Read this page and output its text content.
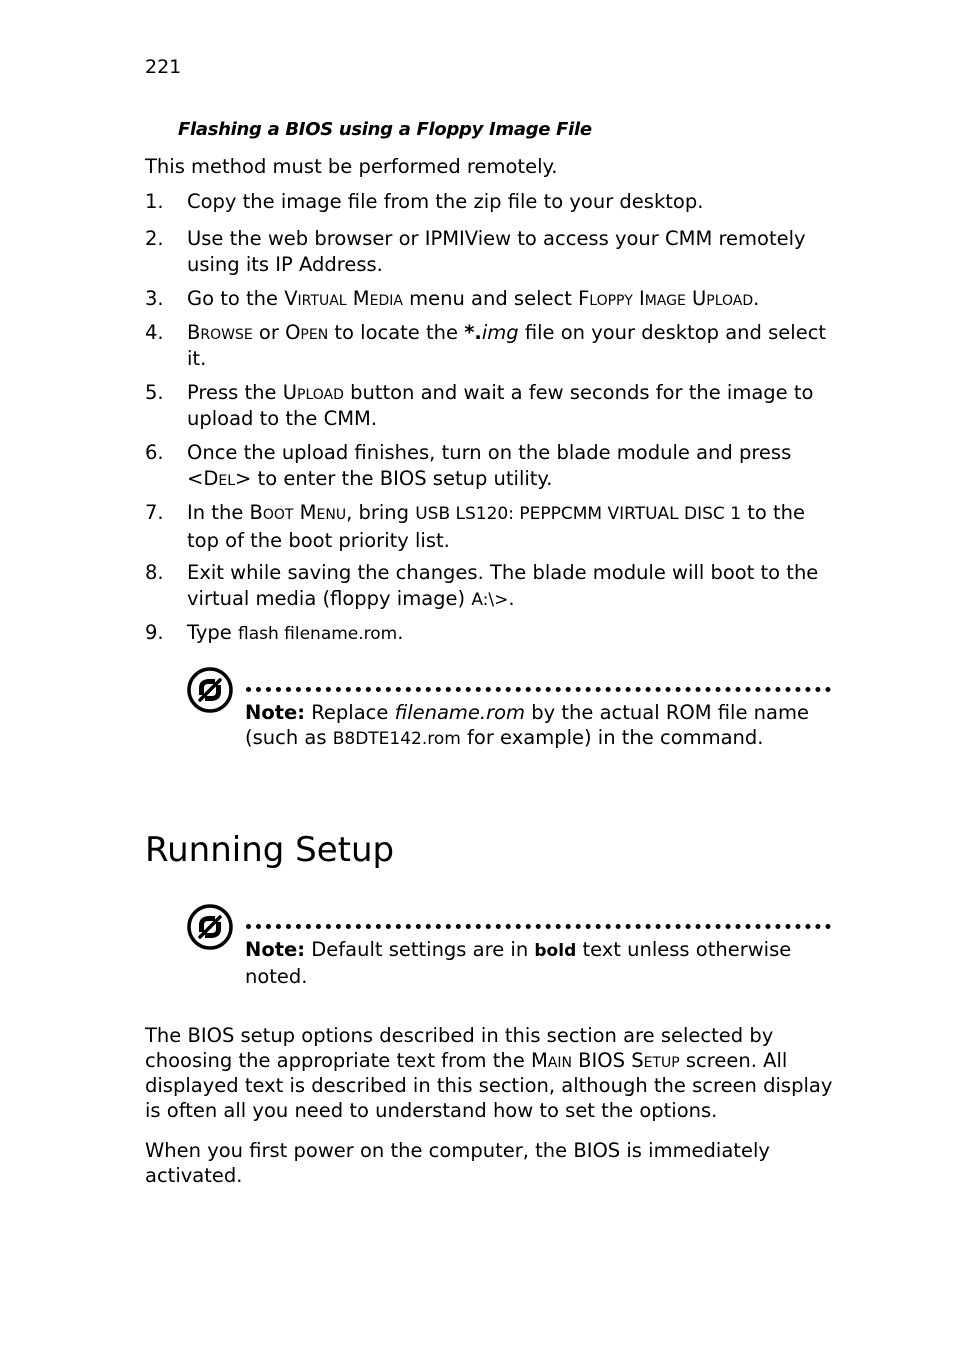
221
Flashing a BIOS using a Floppy Image File
This method must be performed remotely.
1.	Copy the image file from the zip file to your desktop.
2.	Use the web browser or IPMIView to access your CMM remotely using its IP Address.
3.	Go to the Virtual Media menu and select Floppy Image Upload.
4.	Browse or Open to locate the *.img file on your desktop and select it.
5.	Press the Upload button and wait a few seconds for the image to upload to the CMM.
6.	Once the upload finishes, turn on the blade module and press <Del> to enter the BIOS setup utility.
7.	In the Boot Menu, bring USB LS120: PEPPCMM VIRTUAL DISC 1 to the top of the boot priority list.
8.	Exit while saving the changes. The blade module will boot to the virtual media (floppy image) A:\>.
9.	Type flash filename.rom.
Note: Replace filename.rom by the actual ROM file name (such as B8DTE142.rom for example) in the command.
Running Setup
Note: Default settings are in bold text unless otherwise noted.
The BIOS setup options described in this section are selected by choosing the appropriate text from the Main BIOS Setup screen. All displayed text is described in this section, although the screen display is often all you need to understand how to set the options.
When you first power on the computer, the BIOS is immediately activated.
